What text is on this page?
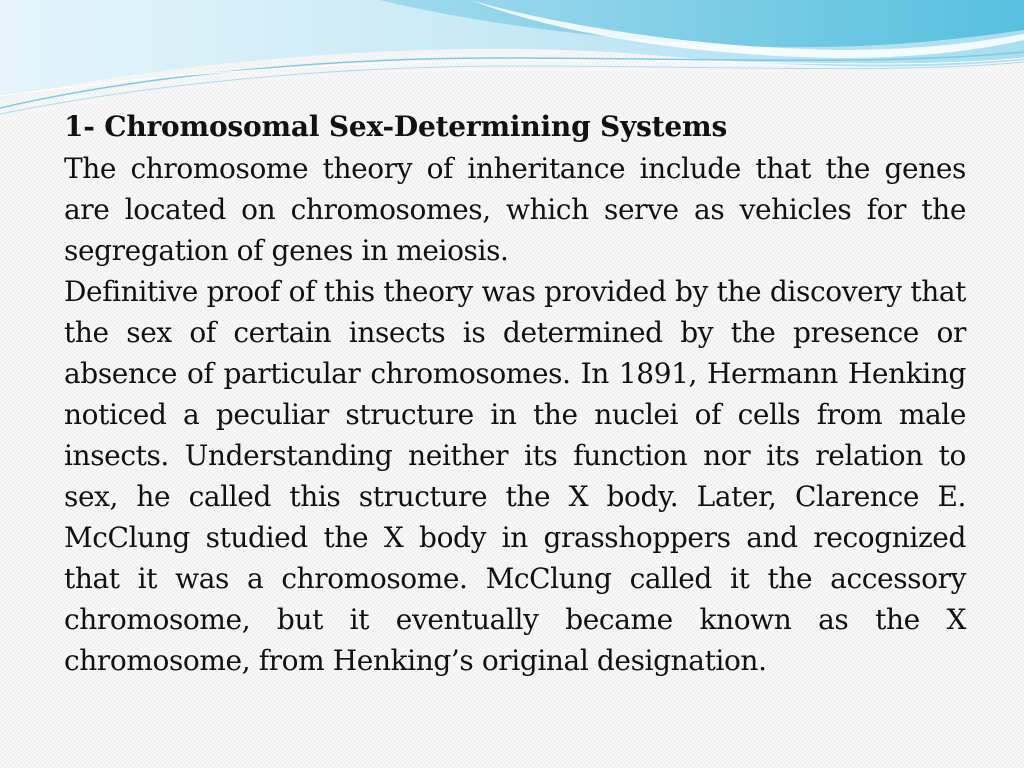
1- Chromosomal Sex-Determining Systems

The chromosome theory of inheritance include that the genes are located on chromosomes, which serve as vehicles for the segregation of genes in meiosis.

Definitive proof of this theory was provided by the discovery that the sex of certain insects is determined by the presence or absence of particular chromosomes. In 1891, Hermann Henking noticed a peculiar structure in the nuclei of cells from male insects. Understanding neither its function nor its relation to sex, he called this structure the X body. Later, Clarence E. McClung studied the X body in grasshoppers and recognized that it was a chromosome. McClung called it the accessory chromosome, but it eventually became known as the X chromosome, from Henking’s original designation.
